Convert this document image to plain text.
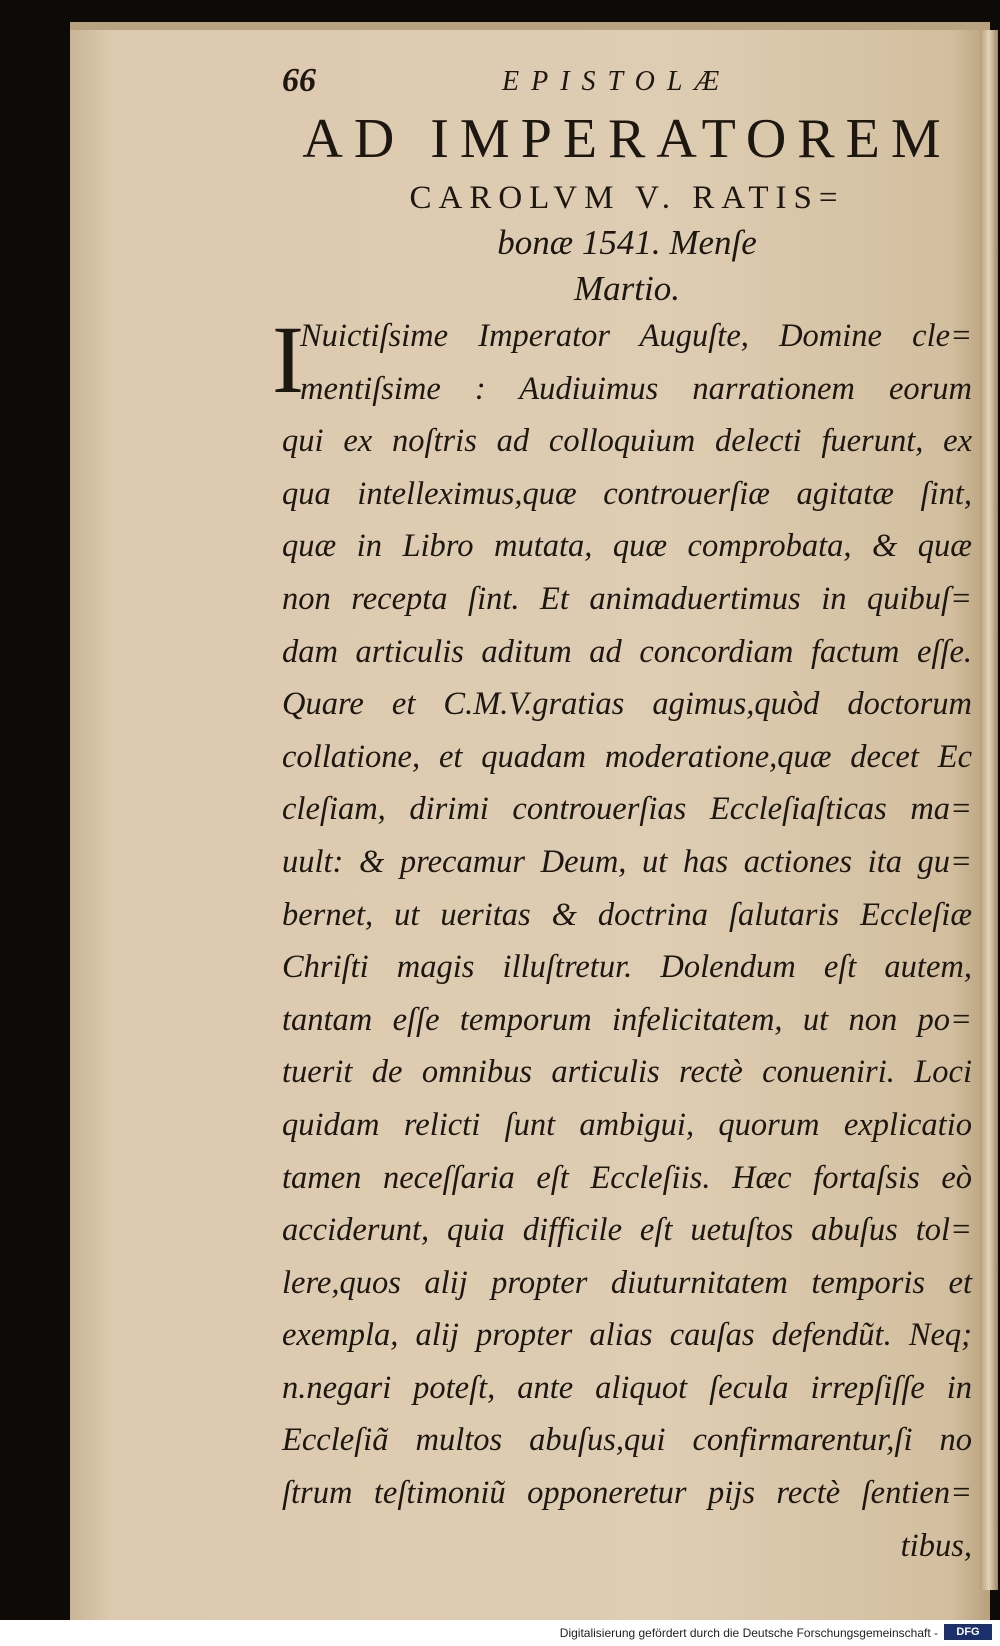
66	EPISTOLÆ
AD IMPERATOREM
CAROLVM V. RATIS=
bonæ 1541. Menſe
Martio.
I
Nuictiſsime Imperator Auguſte, Domine cle=
mentiſsime : Audiuimus narrationem eorum
qui ex noſtris ad colloquium delecti fuerunt, ex
qua intelleximus,quæ controuerſiæ agitatæ ſint,
quæ in Libro mutata, quæ comprobata, & quæ
non recepta ſint. Et animaduertimus in quibuſ=
dam articulis aditum ad concordiam factum eſſe.
Quare et C.M.V.gratias agimus,quòd doctorum
collatione, et quadam moderatione,quæ decet Ec
cleſiam, dirimi controuerſias Eccleſiaſticas ma=
uult: & precamur Deum, ut has actiones ita gu=
bernet, ut ueritas & doctrina ſalutaris Eccleſiæ
Chriſti magis illuſtretur. Dolendum eſt autem,
tantam eſſe temporum infelicitatem, ut non po=
tuerit de omnibus articulis rectè conueniri. Loci
quidam relicti ſunt ambigui, quorum explicatio
tamen neceſſaria eſt Eccleſiis. Hæc fortaſsis eò
acciderunt, quia difficile eſt uetuſtos abuſus tol=
lere,quos alij propter diuturnitatem temporis et
exempla, alij propter alias cauſas defendũt. Neq;
n.negari poteſt, ante aliquot ſecula irrepſiſſe in
Eccleſiã multos abuſus,qui confirmarentur,ſi no
ſtrum teſtimoniũ opponeretur pijs rectè ſentien=
tibus,
Digitalisierung gefördert durch die Deutsche Forschungsgemeinschaft -	DFG
